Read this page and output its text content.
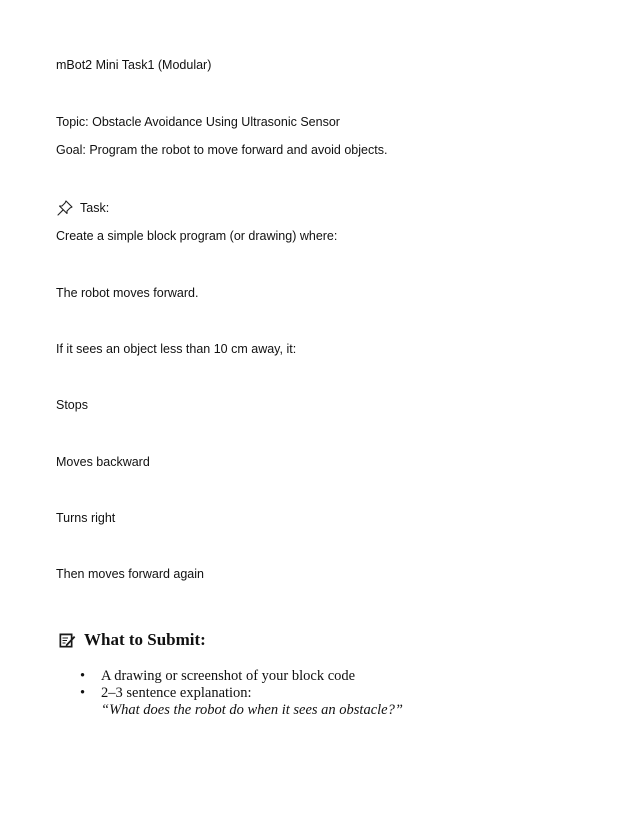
mBot2 Mini Task1 (Modular)
Topic: Obstacle Avoidance Using Ultrasonic Sensor
Goal: Program the robot to move forward and avoid objects.
Task:
Create a simple block program (or drawing) where:
The robot moves forward.
If it sees an object less than 10 cm away, it:
Stops
Moves backward
Turns right
Then moves forward again
What to Submit:
• A drawing or screenshot of your block code
• 2–3 sentence explanation:
“What does the robot do when it sees an obstacle?”
